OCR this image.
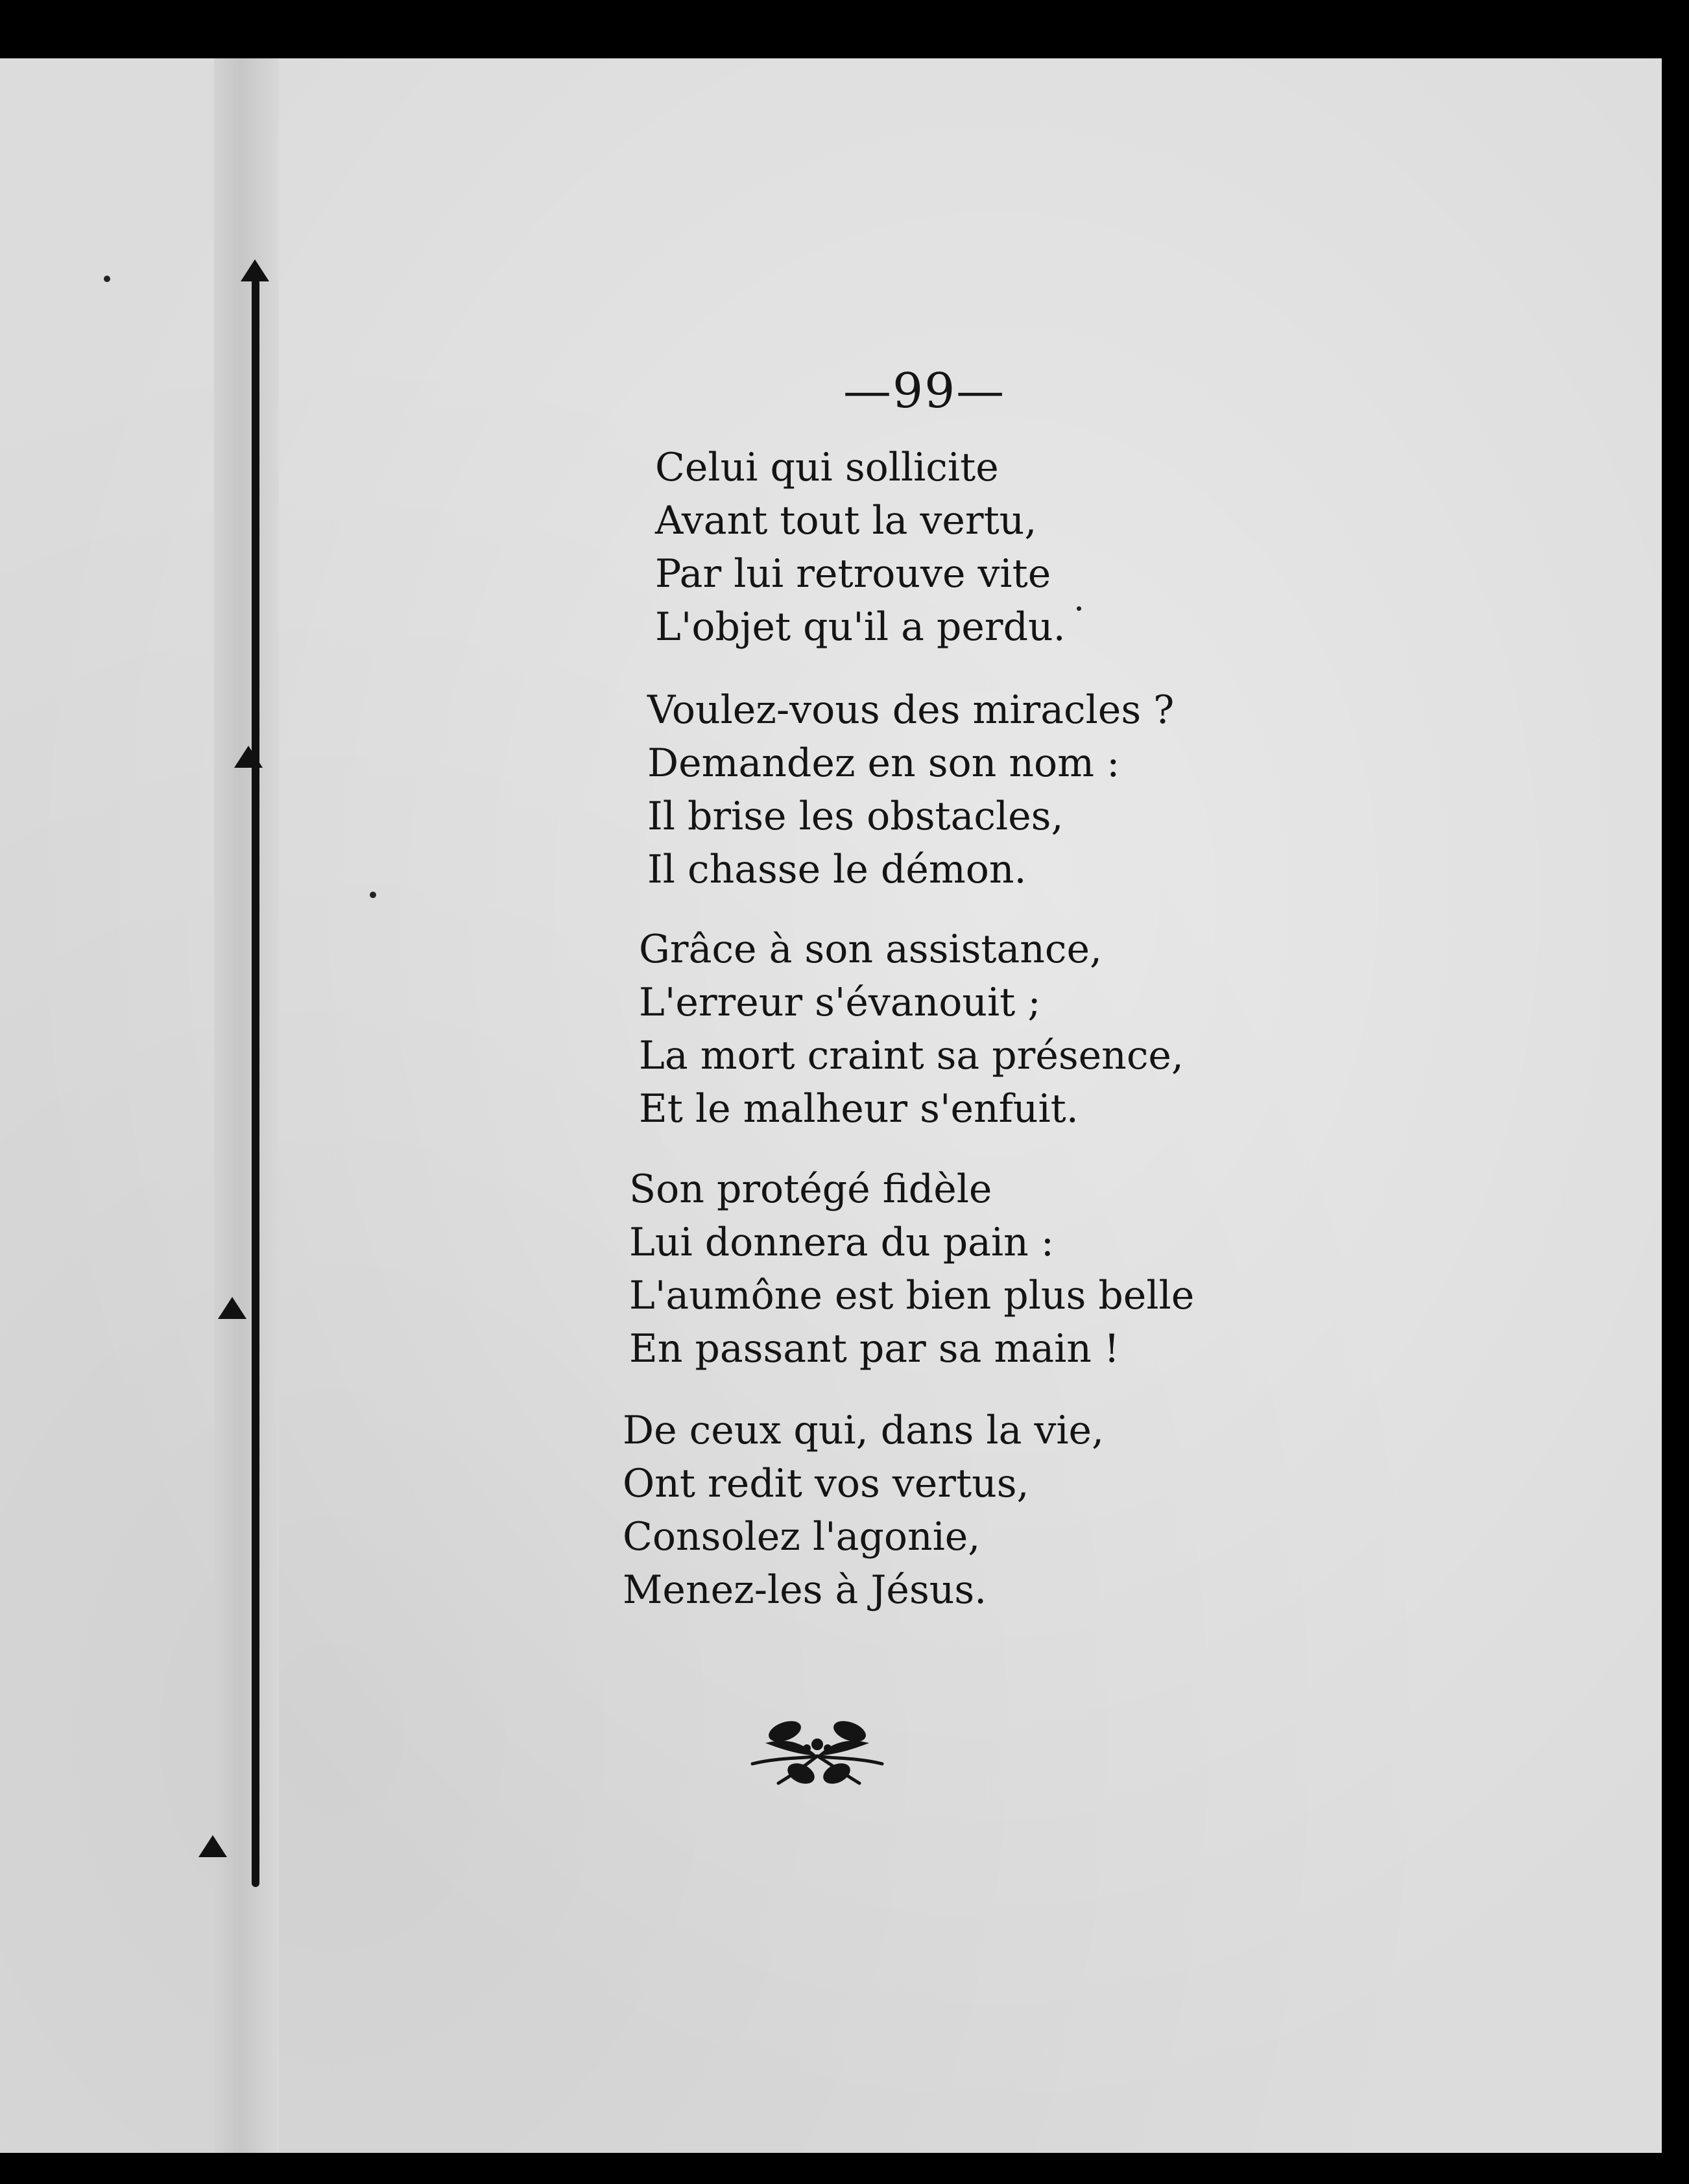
—99—
Celui qui sollicite
Avant tout la vertu,
Par lui retrouve vite
L'objet qu'il a perdu.
Voulez-vous des miracles ?
Demandez en son nom :
Il brise les obstacles,
Il chasse le démon.
Grâce à son assistance,
L'erreur s'évanouit ;
La mort craint sa présence,
Et le malheur s'enfuit.
Son protégé fidèle
Lui donnera du pain :
L'aumône est bien plus belle
En passant par sa main !
De ceux qui, dans la vie,
Ont redit vos vertus,
Consolez l'agonie,
Menez-les à Jésus.
